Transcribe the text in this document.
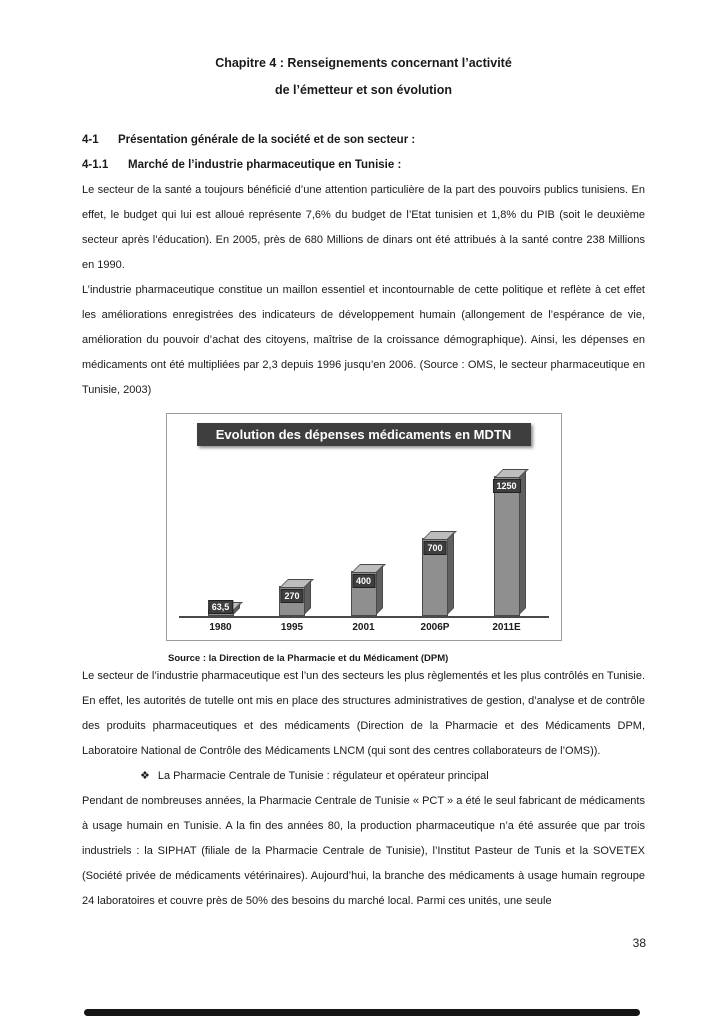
Chapitre 4 : Renseignements concernant l’activité
de l’émetteur et son évolution
4-1 Présentation générale de la société et de son secteur :
4-1.1 Marché de l’industrie pharmaceutique en Tunisie :

Le secteur de la santé a toujours bénéficié d’une attention particulière de la part des pouvoirs publics tunisiens. En effet, le budget qui lui est alloué représente 7,6% du budget de l’Etat tunisien et 1,8% du PIB (soit le deuxième secteur après l’éducation). En 2005, près de 680 Millions de dinars ont été attribués à la santé contre 238 Millions en 1990.

L’industrie pharmaceutique constitue un maillon essentiel et incontournable de cette politique et reflète à cet effet les améliorations enregistrées des indicateurs de développement humain (allongement de l’espérance de vie, amélioration du pouvoir d’achat des citoyens, maîtrise de la croissance démographique). Ainsi, les dépenses en médicaments ont été multipliées par 2,3 depuis 1996 jusqu’en 2006. (Source : OMS, le secteur pharmaceutique en Tunisie, 2003)

Evolution des dépenses médicaments en MDTN
63,5
270
400
700
1250
1980	1995	2001	2006P	2011E
Source : la Direction de la Pharmacie et du Médicament (DPM)

Le secteur de l’industrie pharmaceutique est l’un des secteurs les plus règlementés et les plus contrôlés en Tunisie. En effet, les autorités de tutelle ont mis en place des structures administratives de gestion, d’analyse et de contrôle des produits pharmaceutiques et des médicaments (Direction de la Pharmacie et des Médicaments DPM, Laboratoire National de Contrôle des Médicaments LNCM (qui sont des centres collaborateurs de l’OMS)).

❖ La Pharmacie Centrale de Tunisie : régulateur et opérateur principal

Pendant de nombreuses années, la Pharmacie Centrale de Tunisie « PCT » a été le seul fabricant de médicaments à usage humain en Tunisie. A la fin des années 80, la production pharmaceutique n’a été assurée que par trois industriels : la SIPHAT (filiale de la Pharmacie Centrale de Tunisie), l’Institut Pasteur de Tunis et la SOVETEX (Société privée de médicaments vétérinaires). Aujourd’hui, la branche des médicaments à usage humain regroupe 24 laboratoires et couvre près de 50% des besoins du marché local. Parmi ces unités, une seule

38
